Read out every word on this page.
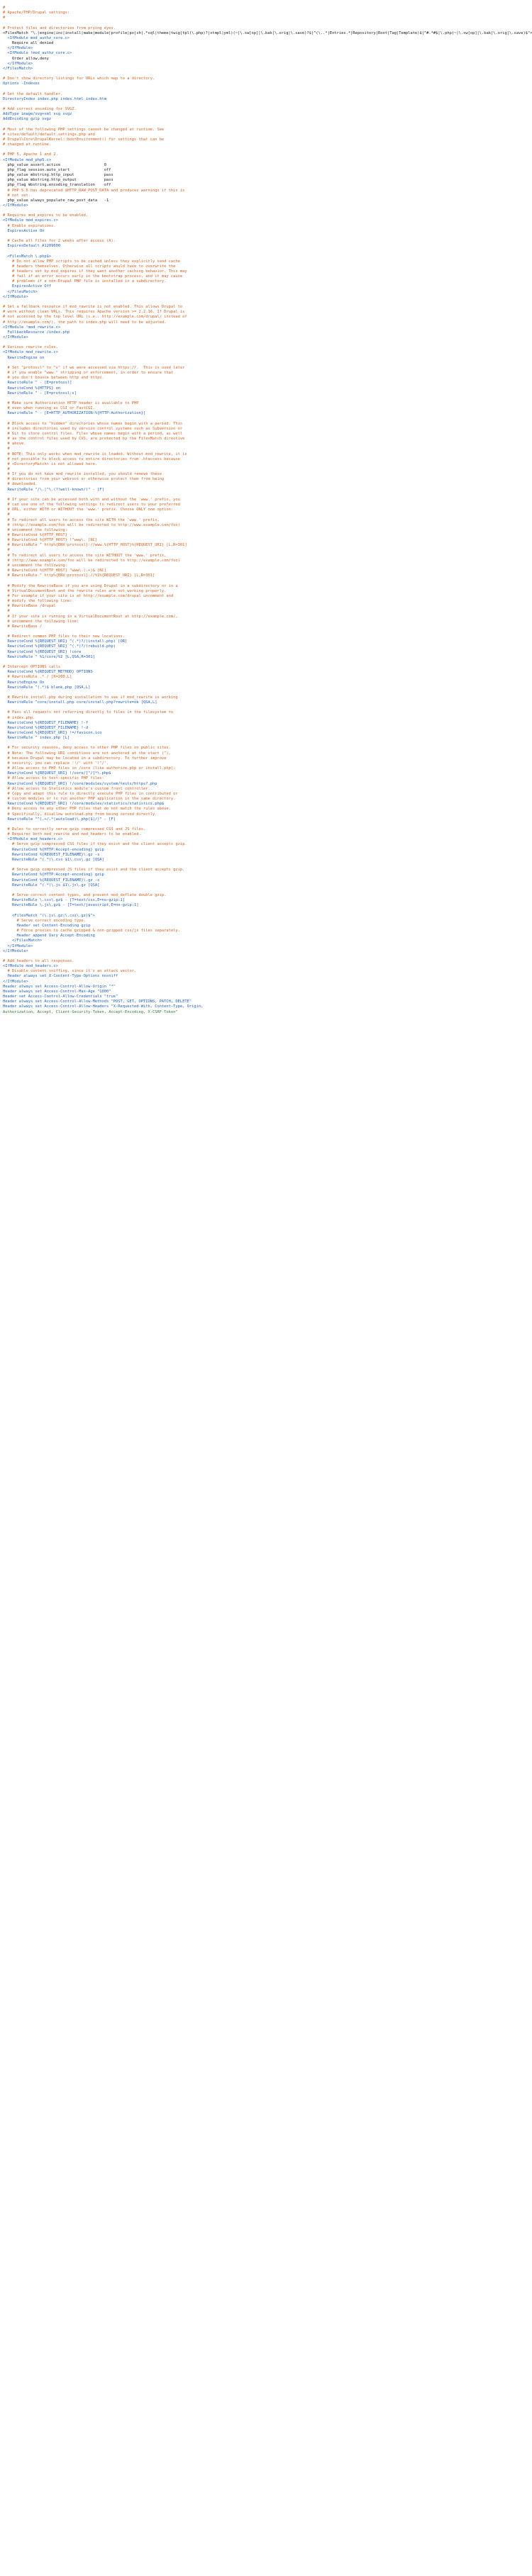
#
# Apache/PHP/Drupal settings:
#
# Protect files and directories from prying eyes.
<FilesMatch "\.(engine|inc|install|make|module|profile|po|sh|.*sql|theme|twig|tpl(\.php)?|xtmpl|yml)(~|\.sw[op]|\.bak|\.orig|\.save)?$|^(\..*|Entries.*|Repository|Root|Tag|Template)$|^#.*#$|\.php(~|\.sw[op]|\.bak|\.orig|\.save)$">
<IfModule mod_authz_core.c>
Require all denied
</IfModule>
<IfModule !mod_authz_core.c>
Order allow,deny
</IfModule>
</FilesMatch>
# Don't show directory listings for URLs which map to a directory.
Options -Indexes
# Set the default handler.
DirectoryIndex index.php index.html index.htm
# Add correct encoding for SVGZ.
AddType image/svg+xml svg svgz
AddEncoding gzip svgz
# Most of the following PHP settings cannot be changed at runtime. See
# sites/default/default.settings.php and
# Drupal\Core\DrupalKernel::bootEnvironment() for settings that can be
# changed at runtime.
# PHP 5, Apache 1 and 2.
<IfModule mod_php5.c>
php_value assert.active                   0
php_flag session.auto_start               off
php_value mbstring.http_input             pass
php_value mbstring.http_output            pass
php_flag mbstring.encoding_translation    off
# PHP 5.6 has deprecated $HTTP_RAW_POST_DATA and produces warnings if this is
# not set.
php_value always_populate_raw_post_data   -1
</IfModule>
# Requires mod_expires to be enabled.
<IfModule mod_expires.c>
# Enable expirations.
ExpiresActive On
# Cache all files for 2 weeks after access (A).
ExpiresDefault A1209600
<FilesMatch \.php$>
# Do not allow PHP scripts to be cached unless they explicitly send cache
# headers themselves. Otherwise all scripts would have to overwrite the
# headers set by mod_expires if they want another caching behavior. This may
# fail if an error occurs early in the bootstrap process, and it may cause
# problems if a non-Drupal PHP file is installed in a subdirectory.
ExpiresActive Off
</FilesMatch>
</IfModule>
# Set a fallback resource if mod_rewrite is not enabled. This allows Drupal to
# work without clean URLs. This requires Apache version >= 2.2.16. If Drupal is
# not accessed by the top level URL (i.e.: http://example.com/drupal/ instead of
# http://example.com/), the path to index.php will need to be adjusted.
<IfModule !mod_rewrite.c>
FallbackResource /index.php
</IfModule>
# Various rewrite rules.
<IfModule mod_rewrite.c>
RewriteEngine on
# Set "protossl" to "s" if we were accessed via https://.  This is used later
# if you enable "www." stripping or enforcement, in order to ensure that
# you don't bounce between http and https.
RewriteRule ^ - [E=protossl]
RewriteCond %{HTTPS} on
RewriteRule ^ - [E=protossl:s]
# Make sure Authorization HTTP header is available to PHP
# even when running as CGI or FastCGI.
RewriteRule ^ - [E=HTTP_AUTHORIZATION:%{HTTP:Authorization}]
# Block access to "hidden" directories whose names begin with a period. This
# includes directories used by version control systems such as Subversion or
# Git to store control files. Files whose names begin with a period, as well
# as the control files used by CVS, are protected by the FilesMatch directive
# above.
#
# NOTE: This only works when mod_rewrite is loaded. Without mod_rewrite, it is
# not possible to block access to entire directories from .htaccess because
# <DirectoryMatch> is not allowed here.
#
# If you do not have mod_rewrite installed, you should remove these
# directories from your webroot or otherwise protect them from being
# downloaded.
RewriteRule "/\.|^\.(?!well-known/)" - [F]
# If your site can be accessed both with and without the 'www.' prefix, you
# can use one of the following settings to redirect users to your preferred
# URL, either WITH or WITHOUT the 'www.' prefix. Choose ONLY one option:
#
# To redirect all users to access the site WITH the 'www.' prefix,
# (http://example.com/foo will be redirected to http://www.example.com/foo)
# uncomment the following:
# RewriteCond %{HTTP_HOST} .
# RewriteCond %{HTTP_HOST} !^www\. [NC]
# RewriteRule ^ http%{ENV:protossl}://www.%{HTTP_HOST}%{REQUEST_URI} [L,R=301]
#
# To redirect all users to access the site WITHOUT the 'www.' prefix,
# (http://www.example.com/foo will be redirected to http://example.com/foo)
# uncomment the following:
# RewriteCond %{HTTP_HOST} ^www\.(.+)$ [NC]
# RewriteRule ^ http%{ENV:protossl}://%1%{REQUEST_URI} [L,R=301]
# Modify the RewriteBase if you are using Drupal in a subdirectory or in a
# VirtualDocumentRoot and the rewrite rules are not working properly.
# For example if your site is at http://example.com/drupal uncomment and
# modify the following line:
# RewriteBase /drupal
#
# If your site is running in a VirtualDocumentRoot at http://example.com/,
# uncomment the following line:
# RewriteBase /
# Redirect common PHP files to their new locations.
RewriteCond %{REQUEST_URI} ^(.*)?/(install.php) [OR]
RewriteCond %{REQUEST_URI} ^(.*)?/(rebuild.php)
RewriteCond %{REQUEST_URI} !core
RewriteRule ^ %1/core/%2 [L,QSA,R=301]
# Intercept OPTIONS calls
RewriteCond %{REQUEST_METHOD} OPTIONS
# RewriteRule .* / [R=200,L]
RewriteEngine On
RewriteRule ^(.*)$ blank.php [QSA,L]
# Rewrite install.php during installation to see if mod_rewrite is working
RewriteRule ^core/install.php core/install.php?rewrite=ok [QSA,L]
# Pass all requests not referring directly to files in the filesystem to
# index.php.
RewriteCond %{REQUEST_FILENAME} !-f
RewriteCond %{REQUEST_FILENAME} !-d
RewriteCond %{REQUEST_URI} !=/favicon.ico
RewriteRule ^ index.php [L]
# For security reasons, deny access to other PHP files on public sites.
# Note: The following URI conditions are not anchored at the start (^),
# because Drupal may be located in a subdirectory. To further improve
# security, you can replace '!/' with '!^/'.
# Allow access to PHP files in /core (like authorize.php or install.php):
RewriteCond %{REQUEST_URI} !/core/[^/]*\.php$
# Allow access to test-specific PHP files:
RewriteCond %{REQUEST_URI} !/core/modules/system/tests/https?.php
# Allow access to Statistics module's custom front controller.
# Copy and adapt this rule to directly execute PHP files in contributed or
# custom modules or to run another PHP application in the same directory.
RewriteCond %{REQUEST_URI} !/core/modules/statistics/statistics.php$
# Deny access to any other PHP files that do not match the rules above.
# Specifically, disallow autoload.php from being served directly.
RewriteRule "^(.+/.*|autoload)\.php($|/)" - [F]
# Rules to correctly serve gzip compressed CSS and JS files.
# Requires both mod_rewrite and mod_headers to be enabled.
<IfModule mod_headers.c>
# Serve gzip compressed CSS files if they exist and the client accepts gzip.
RewriteCond %{HTTP:Accept-encoding} gzip
RewriteCond %{REQUEST_FILENAME}\.gz -s
RewriteRule ^(.*)\.css $1\.css\.gz [QSA]
# Serve gzip compressed JS files if they exist and the client accepts gzip.
RewriteCond %{HTTP:Accept-encoding} gzip
RewriteCond %{REQUEST_FILENAME}\.gz -s
RewriteRule ^(.*)\.js $1\.js\.gz [QSA]
# Serve correct content types, and prevent mod_deflate double gzip.
RewriteRule \.css\.gz$ - [T=text/css,E=no-gzip:1]
RewriteRule \.js\.gz$ - [T=text/javascript,E=no-gzip:1]
<FilesMatch "(\.js\.gz|\.css\.gz)$">
# Serve correct encoding type.
Header set Content-Encoding gzip
# Force proxies to cache gzipped & non-gzipped css/js files separately.
Header append Vary Accept-Encoding
</FilesMatch>
</IfModule>
</IfModule>
# Add headers to all responses.
<IfModule mod_headers.c>
# Disable content sniffing, since it's an attack vector.
Header always set X-Content-Type-Options nosniff
</IfModule>
Header always set Access-Control-Allow-Origin "*"
Header always set Access-Control-Max-Age "1000"
Header set Access-Control-Allow-Credentials "true"
Header always set Access-Control-Allow-Methods "POST, GET, OPTIONS, PATCH, DELETE"
Header always set Access-Control-Allow-Headers "X-Requested-With, Content-Type, Origin,
Authorization, Accept, Client-Security-Token, Accept-Encoding, X-CSRF-Token"
